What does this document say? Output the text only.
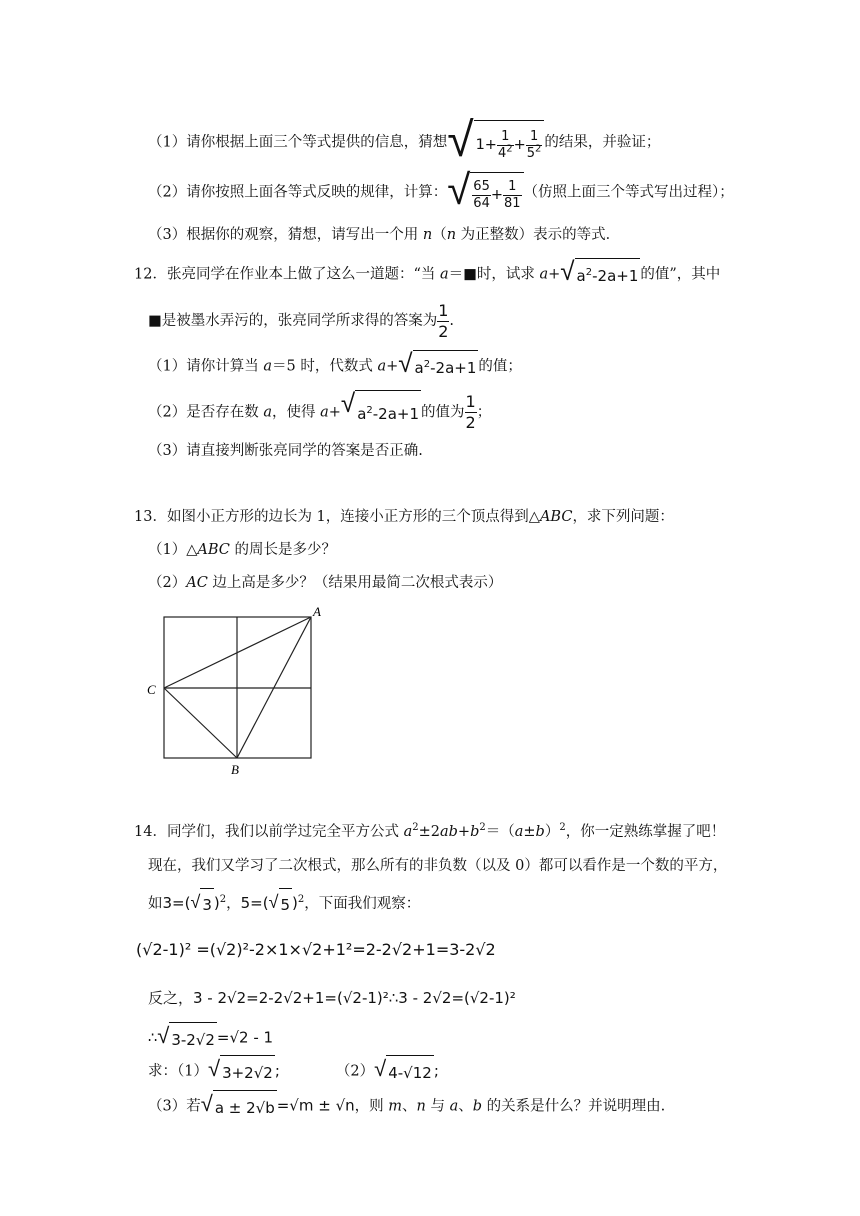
（1）请你根据上面三个等式提供的信息，猜想√ $1+ \frac{1}{4^2} + \frac{1}{5^2}$ 的结果，并验证；
（2）请你按照上面各等式反映的规律，计算：√ $\frac{65}{64} + \frac{1}{81}$ （仿照上面三个等式写出过程）；
（3）根据你的观察，猜想，请写出一个用 n（n 为正整数）表示的等式．
12．张亮同学在作业本上做了这么一道题：“当 a＝■时，试求 a+√ $a^2-2a+1$ 的值”，其中
■是被墨水弄污的，张亮同学所求得的答案为 $\frac{1}{2}$ .
（1）请你计算当 a＝5 时，代数式 a+√ $a^2-2a+1$ 的值；
（2）是否存在数 a，使得 a+√ $a^2-2a+1$ 的值为 $\frac{1}{2}$ ；
（3）请直接判断张亮同学的答案是否正确.
13．如图小正方形的边长为 1，连接小正方形的三个顶点得到△ABC，求下列问题：
（1）△ABC 的周长是多少？
（2）AC 边上高是多少？（结果用最简二次根式表示）
A
B
C
14．同学们，我们以前学过完全平方公式 $a^2\pm 2ab+b^2=(a\pm b)^2$，你一定熟练掌握了吧！
现在，我们又学习了二次根式，那么所有的非负数（以及 0）都可以看作是一个数的平方，
如3=(√ 3 )$^2$，5=(√ 5 )$^2$，下面我们观察：
(√2-1)² =(√2)²-2×1×√2+1²=2-2√2+1=3-2√2
反之，3 - 2√2=2-2√2+1=(√2-1)²∴3 - 2√2=(√2-1)²
∴√ 3-2√2 =√2 - 1
求：（1）√ 3+2√2 ;	（2）√ 4-√12 ;
（3）若√ a ± 2√b =√m ± √n，则 m、n 与 a、b 的关系是什么？并说明理由.
